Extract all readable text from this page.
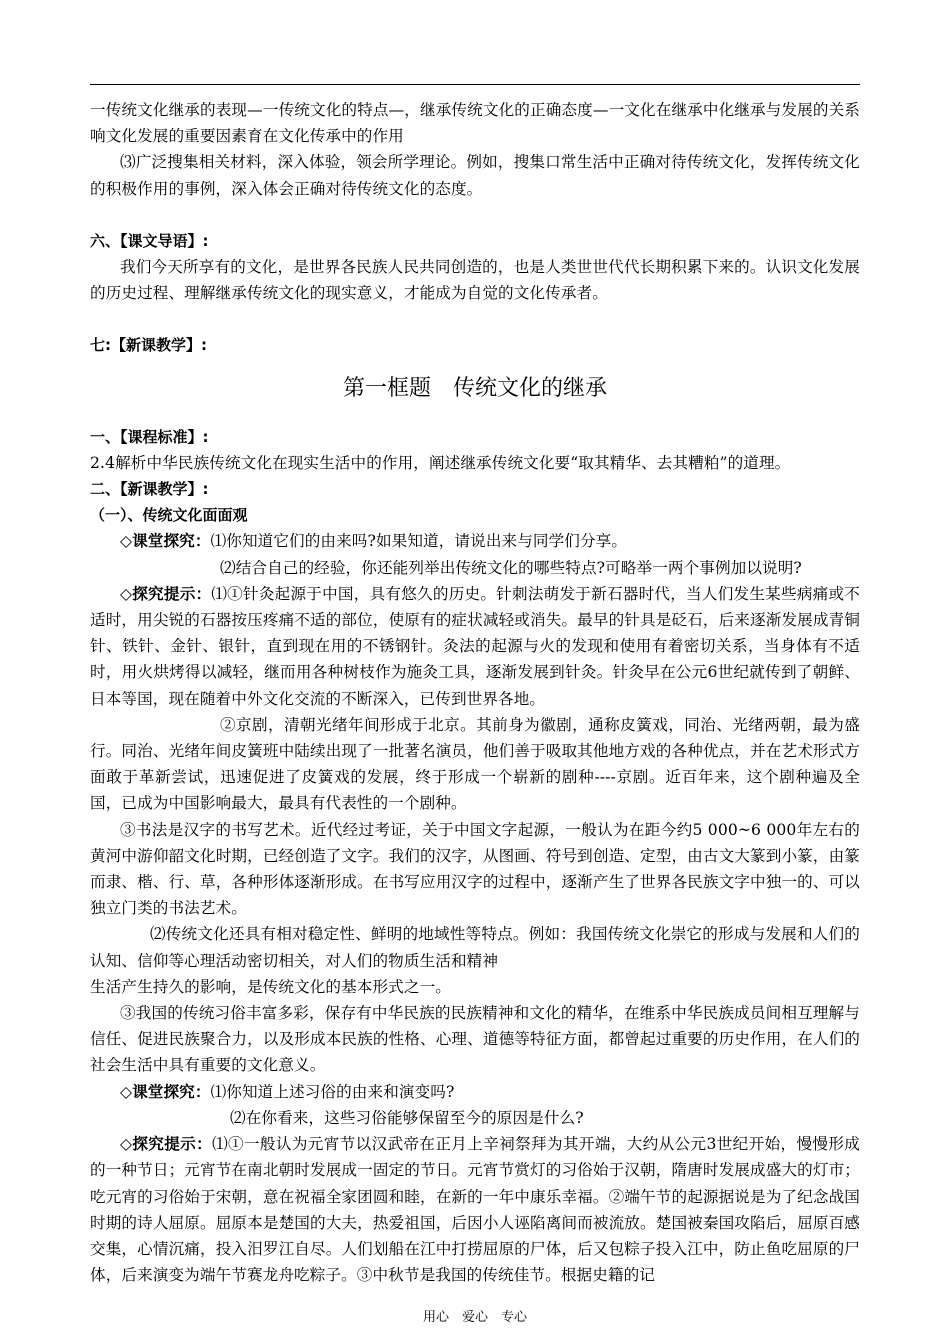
一传统文化继承的表现—一传统文化的特点—，继承传统文化的正确态度—一文化在继承中化继承与发展的关系响文化发展的重要因素育在文化传承中的作用

⑶广泛搜集相关材料，深入体验，领会所学理论。例如，搜集口常生活中正确对待传统文化，发挥传统文化的积极作用的事例，深入体会正确对待传统文化的态度。

六、【课文导语】:

我们今天所享有的文化，是世界各民族人民共同创造的，也是人类世世代代长期积累下来的。认识文化发展的历史过程、理解继承传统文化的现实意义，才能成为自觉的文化传承者。

七:【新课教学】:

第一框题　传统文化的继承

一、【课程标准】:

2.4解析中华民族传统文化在现实生活中的作用，阐述继承传统文化要“取其精华、去其糟粕”的道理。

二、【新课教学】:

（一）、传统文化面面观

◇课堂探究：⑴你知道它们的由来吗?如果知道，请说出来与同学们分享。

⑵结合自己的经验，你还能列举出传统文化的哪些特点?可略举一两个事例加以说明?

◇探究提示：⑴①针灸起源于中国，具有悠久的历史。针刺法萌发于新石器时代，当人们发生某些病痛或不适时，用尖锐的石器按压疼痛不适的部位，使原有的症状减轻或消失。最早的针具是砭石，后来逐渐发展成青铜针、铁针、金针、银针，直到现在用的不锈钢针。灸法的起源与火的发现和使用有着密切关系，当身体有不适时，用火烘烤得以减轻，继而用各种树枝作为施灸工具，逐渐发展到针灸。针灸早在公元6世纪就传到了朝鲜、日本等国，现在随着中外文化交流的不断深入，已传到世界各地。

②京剧，清朝光绪年间形成于北京。其前身为徽剧，通称皮簧戏，同治、光绪两朝，最为盛行。同治、光绪年间皮簧班中陆续出现了一批著名演员，他们善于吸取其他地方戏的各种优点，并在艺术形式方面敢于革新尝试，迅速促进了皮簧戏的发展，终于形成一个崭新的剧种----京剧。近百年来，这个剧种遍及全国，已成为中国影响最大，最具有代表性的一个剧种。

③书法是汉字的书写艺术。近代经过考证，关于中国文字起源，一般认为在距今约5 000~6 000年左右的黄河中游仰韶文化时期，已经创造了文字。我们的汉字，从图画、符号到创造、定型，由古文大篆到小篆，由篆而隶、楷、行、草，各种形体逐渐形成。在书写应用汉字的过程中，逐渐产生了世界各民族文字中独一的、可以独立门类的书法艺术。

⑵传统文化还具有相对稳定性、鲜明的地域性等特点。例如：我国传统文化崇它的形成与发展和人们的认知、信仰等心理活动密切相关，对人们的物质生活和精神

生活产生持久的影响，是传统文化的基本形式之一。

③我国的传统习俗丰富多彩，保存有中华民族的民族精神和文化的精华，在维系中华民族成员间相互理解与信任、促进民族聚合力，以及形成本民族的性格、心理、道德等特征方面，都曾起过重要的历史作用，在人们的社会生活中具有重要的文化意义。

◇课堂探究：⑴你知道上述习俗的由来和演变吗?

⑵在你看来，这些习俗能够保留至今的原因是什么?

◇探究提示：⑴①一般认为元宵节以汉武帝在正月上辛祠祭拜为其开端，大约从公元3世纪开始，慢慢形成的一种节日；元宵节在南北朝时发展成一固定的节日。元宵节赏灯的习俗始于汉朝，隋唐时发展成盛大的灯市；吃元宵的习俗始于宋朝，意在祝福全家团圆和睦，在新的一年中康乐幸福。②端午节的起源据说是为了纪念战国时期的诗人屈原。屈原本是楚国的大夫，热爱祖国，后因小人诬陷离间而被流放。楚国被秦国攻陷后，屈原百感交集，心情沉痛，投入汨罗江自尽。人们划船在江中打捞屈原的尸体，后又包粽子投入江中，防止鱼吃屈原的尸体，后来演变为端午节赛龙舟吃粽子。③中秋节是我国的传统佳节。根据史籍的记

用心　爱心　专心
